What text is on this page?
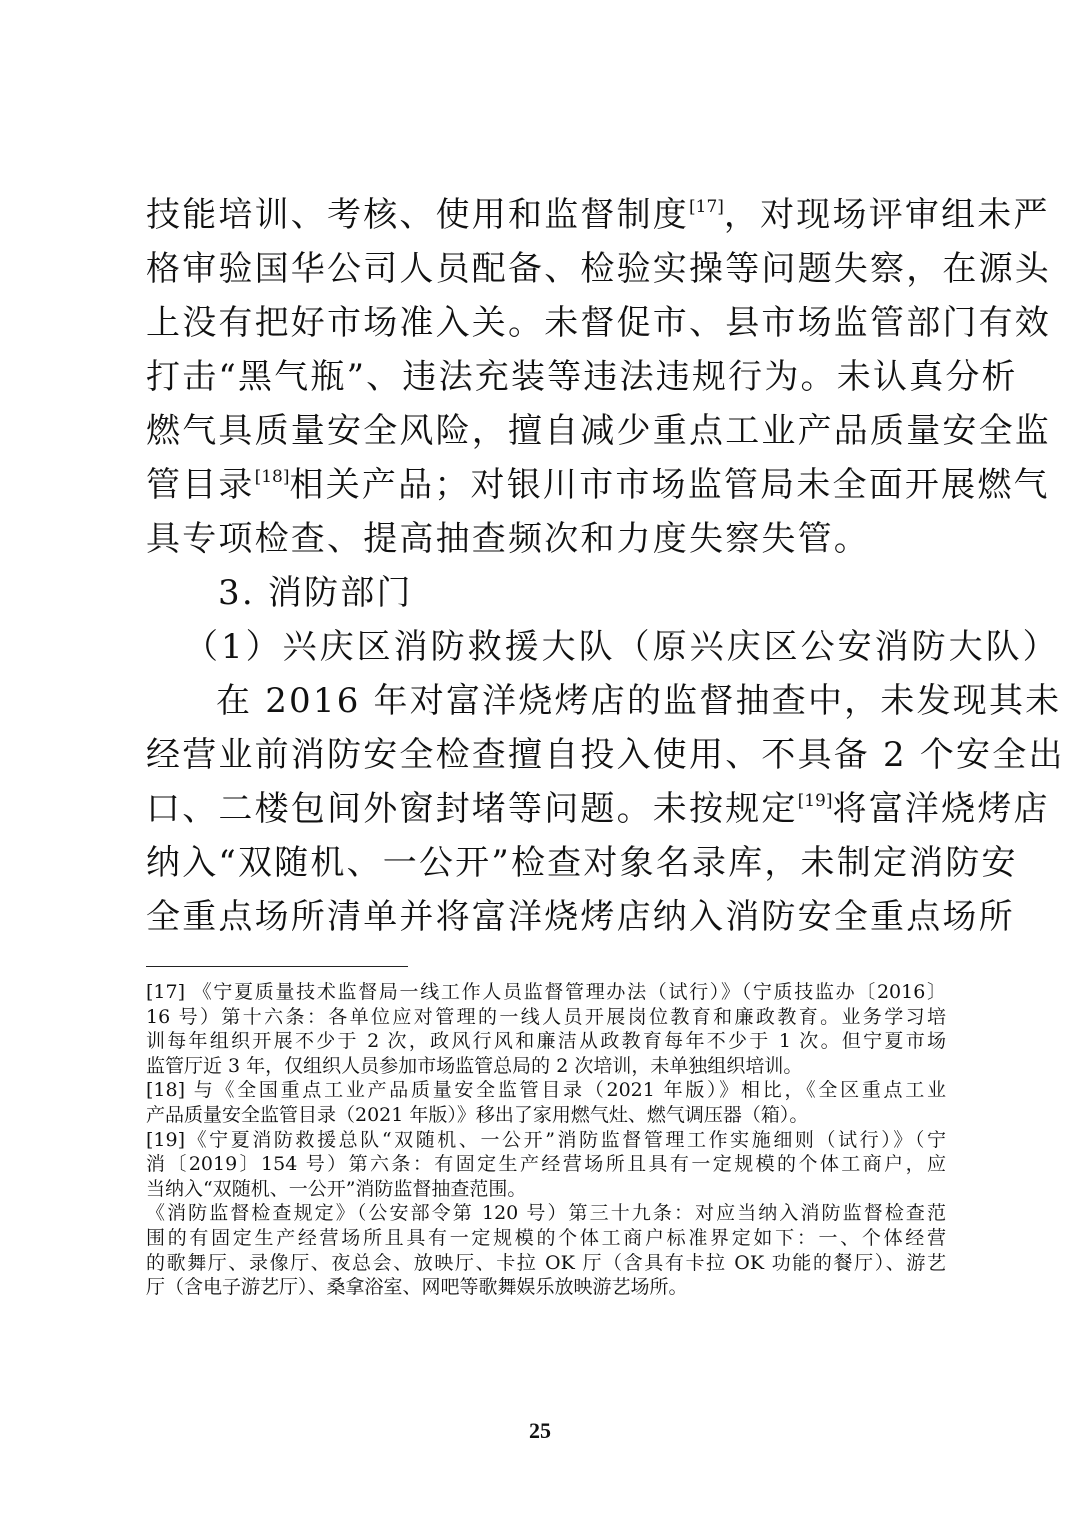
技能培训、考核、使用和监督制度[17]，对现场评审组未严
格审验国华公司人员配备、检验实操等问题失察，在源头
上没有把好市场准入关。未督促市、县市场监管部门有效
打击“黑气瓶”、违法充装等违法违规行为。未认真分析
燃气具质量安全风险，擅自减少重点工业产品质量安全监
管目录[18]相关产品；对银川市市场监管局未全面开展燃气
具专项检查、提高抽查频次和力度失察失管。
3. 消防部门
（1）兴庆区消防救援大队（原兴庆区公安消防大队）
在 2016 年对富洋烧烤店的监督抽查中，未发现其未
经营业前消防安全检查擅自投入使用、不具备 2 个安全出
口、二楼包间外窗封堵等问题。未按规定[19]将富洋烧烤店
纳入“双随机、一公开”检查对象名录库，未制定消防安
全重点场所清单并将富洋烧烤店纳入消防安全重点场所
[17] 《宁夏质量技术监督局一线工作人员监督管理办法（试行）》（宁质技监办〔2016〕
16 号）第十六条：各单位应对管理的一线人员开展岗位教育和廉政教育。业务学习培
训每年组织开展不少于 2 次，政风行风和廉洁从政教育每年不少于 1 次。但宁夏市场
监管厅近 3 年，仅组织人员参加市场监管总局的 2 次培训，未单独组织培训。
[18] 与《全国重点工业产品质量安全监管目录（2021 年版）》相比，《全区重点工业
产品质量安全监管目录（2021 年版）》移出了家用燃气灶、燃气调压器（箱）。
[19]《宁夏消防救援总队“双随机、一公开”消防监督管理工作实施细则（试行）》（宁
消〔2019〕154 号）第六条：有固定生产经营场所且具有一定规模的个体工商户，应
当纳入“双随机、一公开”消防监督抽查范围。
《消防监督检查规定》（公安部令第 120 号）第三十九条：对应当纳入消防监督检查范
围的有固定生产经营场所且具有一定规模的个体工商户标准界定如下：一、个体经营
的歌舞厅、录像厅、夜总会、放映厅、卡拉 OK 厅（含具有卡拉 OK 功能的餐厅）、游艺
厅（含电子游艺厅）、桑拿浴室、网吧等歌舞娱乐放映游艺场所。
25
